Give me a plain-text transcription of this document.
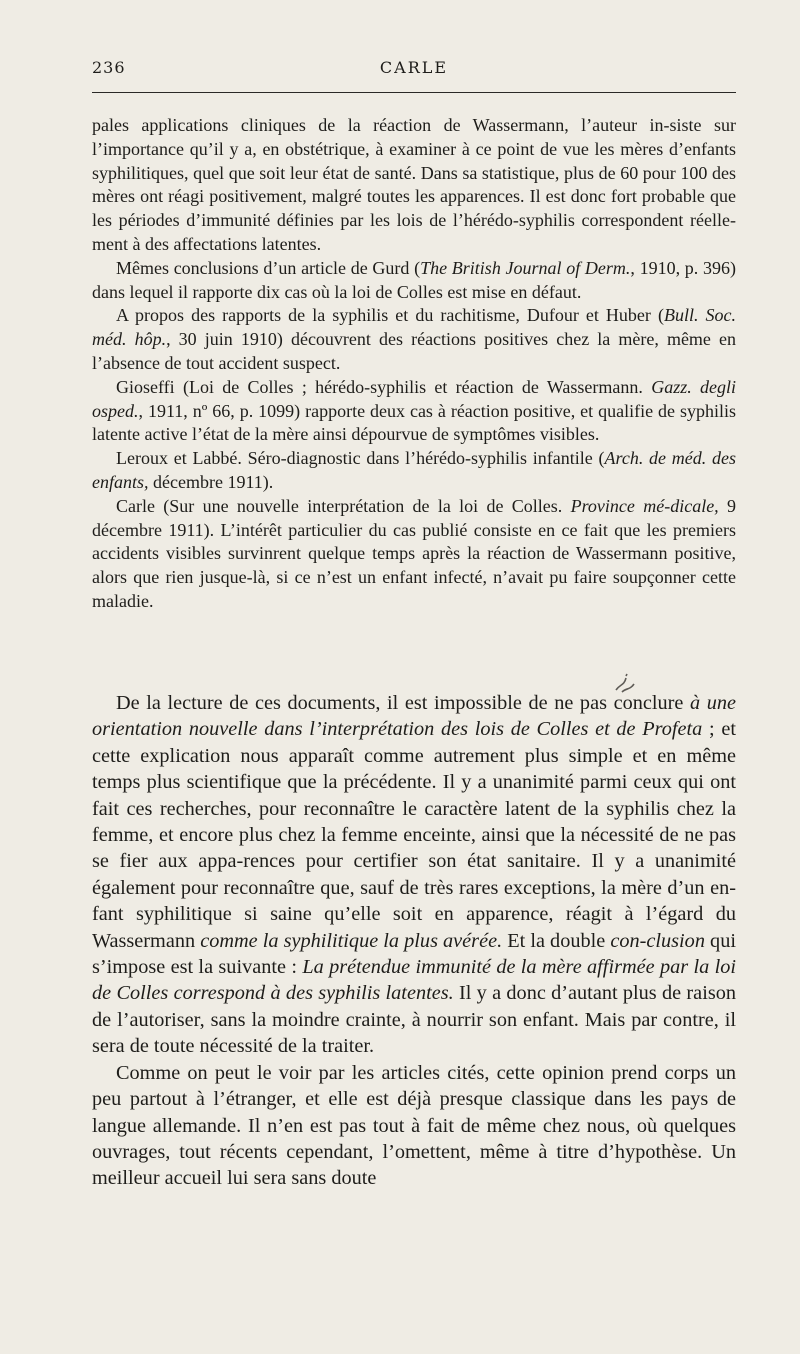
236	CARLE

pales applications cliniques de la réaction de Wassermann, l’auteur in-siste sur l’importance qu’il y a, en obstétrique, à examiner à ce point de vue les mères d’enfants syphilitiques, quel que soit leur état de santé. Dans sa statistique, plus de 60 pour 100 des mères ont réagi positivement, malgré toutes les apparences. Il est donc fort probable que les périodes d’immunité définies par les lois de l’hérédo-syphilis correspondent réelle-ment à des affectations latentes.

Mêmes conclusions d’un article de Gurd (The British Journal of Derm., 1910, p. 396) dans lequel il rapporte dix cas où la loi de Colles est mise en défaut.

A propos des rapports de la syphilis et du rachitisme, Dufour et Huber (Bull. Soc. méd. hôp., 30 juin 1910) découvrent des réactions positives chez la mère, même en l’absence de tout accident suspect.

Gioseffi (Loi de Colles ; hérédo-syphilis et réaction de Wassermann. Gazz. degli osped., 1911, nº 66, p. 1099) rapporte deux cas à réaction positive, et qualifie de syphilis latente active l’état de la mère ainsi dépourvue de symptômes visibles.

Leroux et Labbé. Séro-diagnostic dans l’hérédo-syphilis infantile (Arch. de méd. des enfants, décembre 1911).

Carle (Sur une nouvelle interprétation de la loi de Colles. Province mé-dicale, 9 décembre 1911). L’intérêt particulier du cas publié consiste en ce fait que les premiers accidents visibles survinrent quelque temps après la réaction de Wassermann positive, alors que rien jusque-là, si ce n’est un enfant infecté, n’avait pu faire soupçonner cette maladie.

De la lecture de ces documents, il est impossible de ne pas conclure à une orientation nouvelle dans l’interprétation des lois de Colles et de Profeta ; et cette explication nous apparaît comme autrement plus simple et en même temps plus scientifique que la précédente. Il y a unanimité parmi ceux qui ont fait ces recherches, pour reconnaître le caractère latent de la syphilis chez la femme, et encore plus chez la femme enceinte, ainsi que la nécessité de ne pas se fier aux appa-rences pour certifier son état sanitaire. Il y a unanimité également pour reconnaître que, sauf de très rares exceptions, la mère d’un en-fant syphilitique si saine qu’elle soit en apparence, réagit à l’égard du Wassermann comme la syphilitique la plus avérée. Et la double con-clusion qui s’impose est la suivante : La prétendue immunité de la mère affirmée par la loi de Colles correspond à des syphilis latentes. Il y a donc d’autant plus de raison de l’autoriser, sans la moindre crainte, à nourrir son enfant. Mais par contre, il sera de toute nécessité de la traiter.

Comme on peut le voir par les articles cités, cette opinion prend corps un peu partout à l’étranger, et elle est déjà presque classique dans les pays de langue allemande. Il n’en est pas tout à fait de même chez nous, où quelques ouvrages, tout récents cependant, l’omettent, même à titre d’hypothèse. Un meilleur accueil lui sera sans doute
